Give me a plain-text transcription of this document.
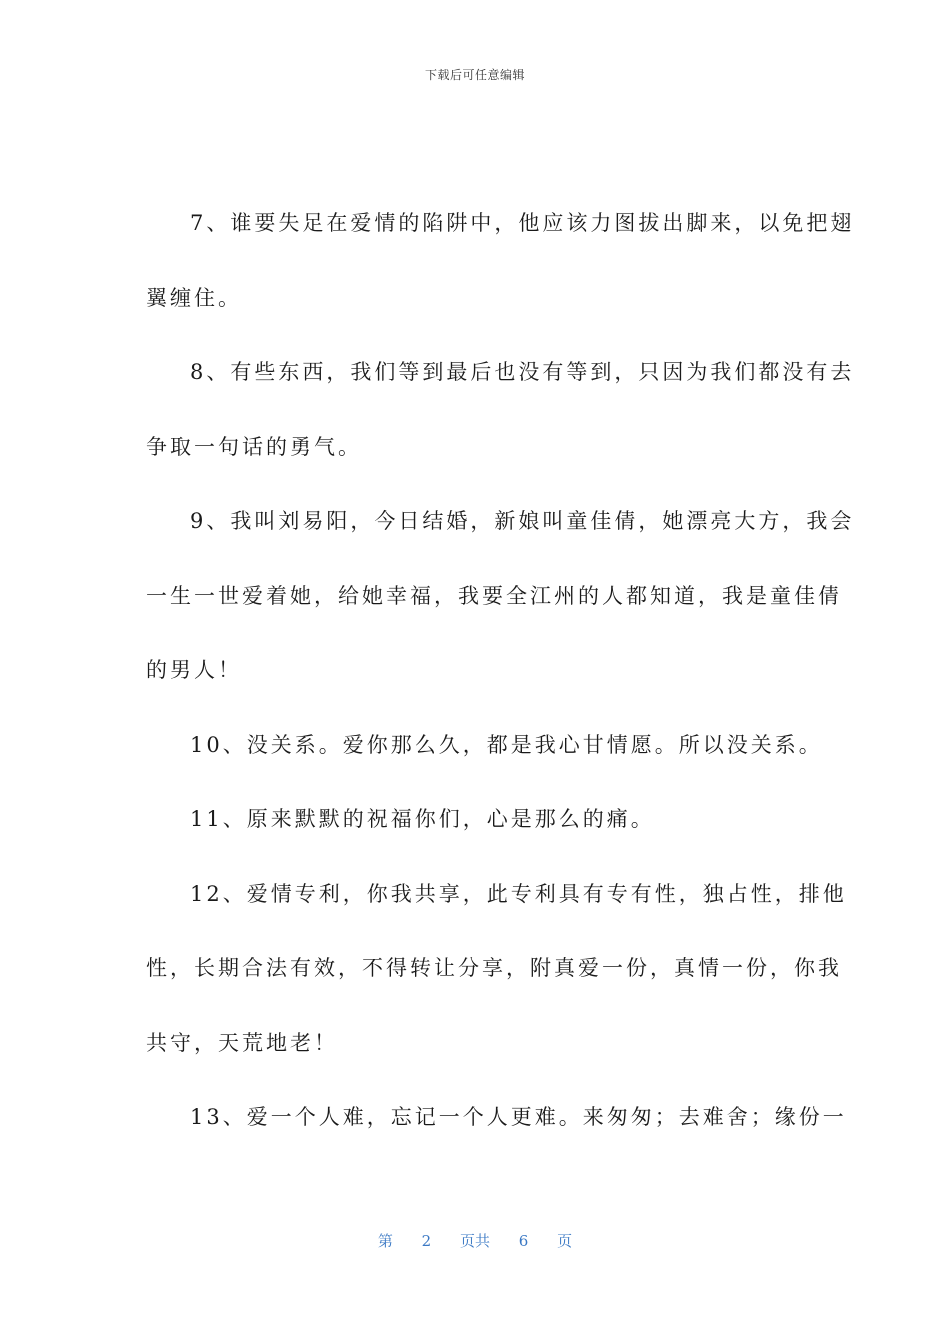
下载后可任意编辑
7、谁要失足在爱情的陷阱中，他应该力图拔出脚来，以免把翅
翼缠住。
8、有些东西，我们等到最后也没有等到，只因为我们都没有去
争取一句话的勇气。
9、我叫刘易阳，今日结婚，新娘叫童佳倩，她漂亮大方，我会
一生一世爱着她，给她幸福，我要全江州的人都知道，我是童佳倩
的男人！
10、没关系。爱你那么久，都是我心甘情愿。所以没关系。
11、原来默默的祝福你们，心是那么的痛。
12、爱情专利，你我共享，此专利具有专有性，独占性，排他
性，长期合法有效，不得转让分享，附真爱一份，真情一份，你我
共守，天荒地老！
13、爱一个人难，忘记一个人更难。来匆匆；去难舍；缘份一
第 2 页共 6 页
